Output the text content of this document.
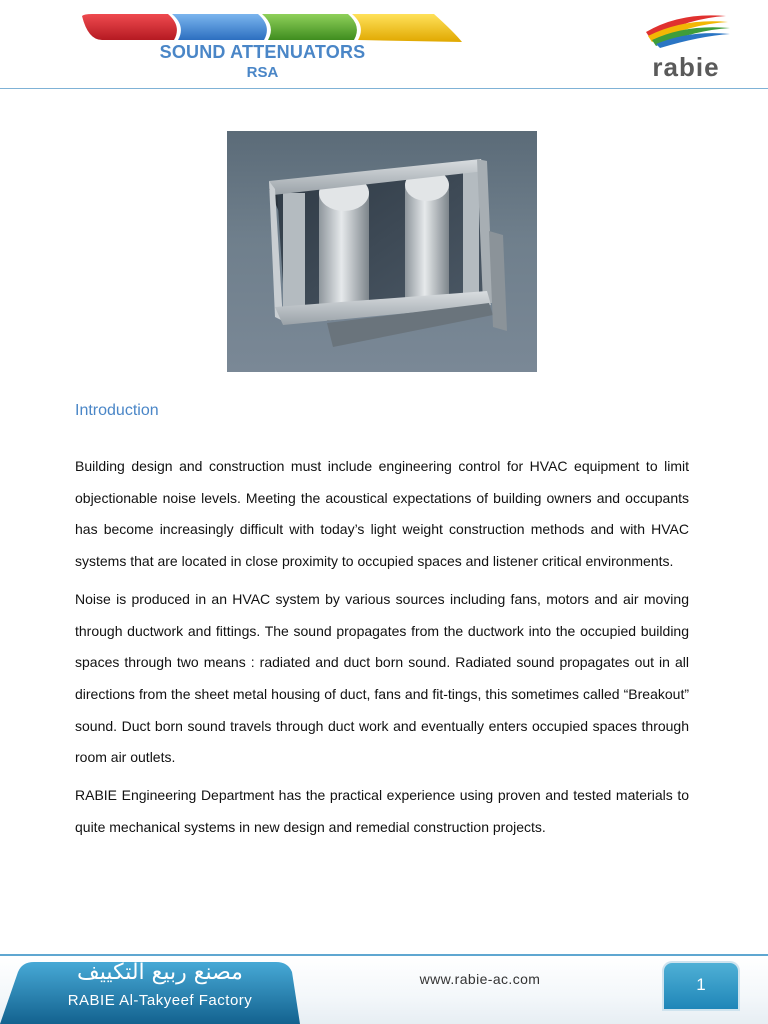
SOUND ATTENUATORS
RSA	rabie
Introduction

Building design and construction must include engineering control for HVAC equipment to limit objectionable noise levels. Meeting the acoustical expectations of building owners and occupants has become increasingly difficult with today’s light weight construction methods and with HVAC systems that are located in close proximity to occupied spaces and listener critical environments.

Noise is produced in an HVAC system by various sources including fans, motors and air moving through ductwork and fittings. The sound propagates from the ductwork into the occupied building spaces through two means : radiated and duct born sound. Radiated sound propagates out in all directions from the sheet metal housing of duct, fans and fit-tings, this sometimes called “Breakout” sound. Duct born sound travels through duct work and eventually enters occupied spaces through room air outlets.

RABIE Engineering Department has the practical experience using proven and tested materials to quite mechanical systems in new design and remedial construction projects.

مصنع ربيع التكييف
RABIE Al-Takyeef Factory
www.rabie-ac.com	1
